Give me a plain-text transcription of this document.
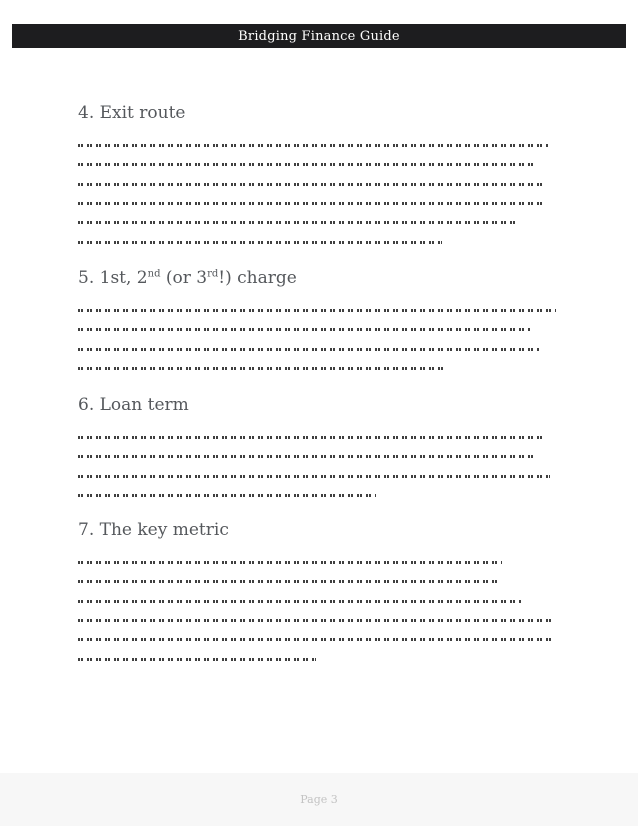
Bridging Finance Guide
4. Exit route
5. 1st, 2nd (or 3rd!) charge
6. Loan term
7. The key metric
Page 3
